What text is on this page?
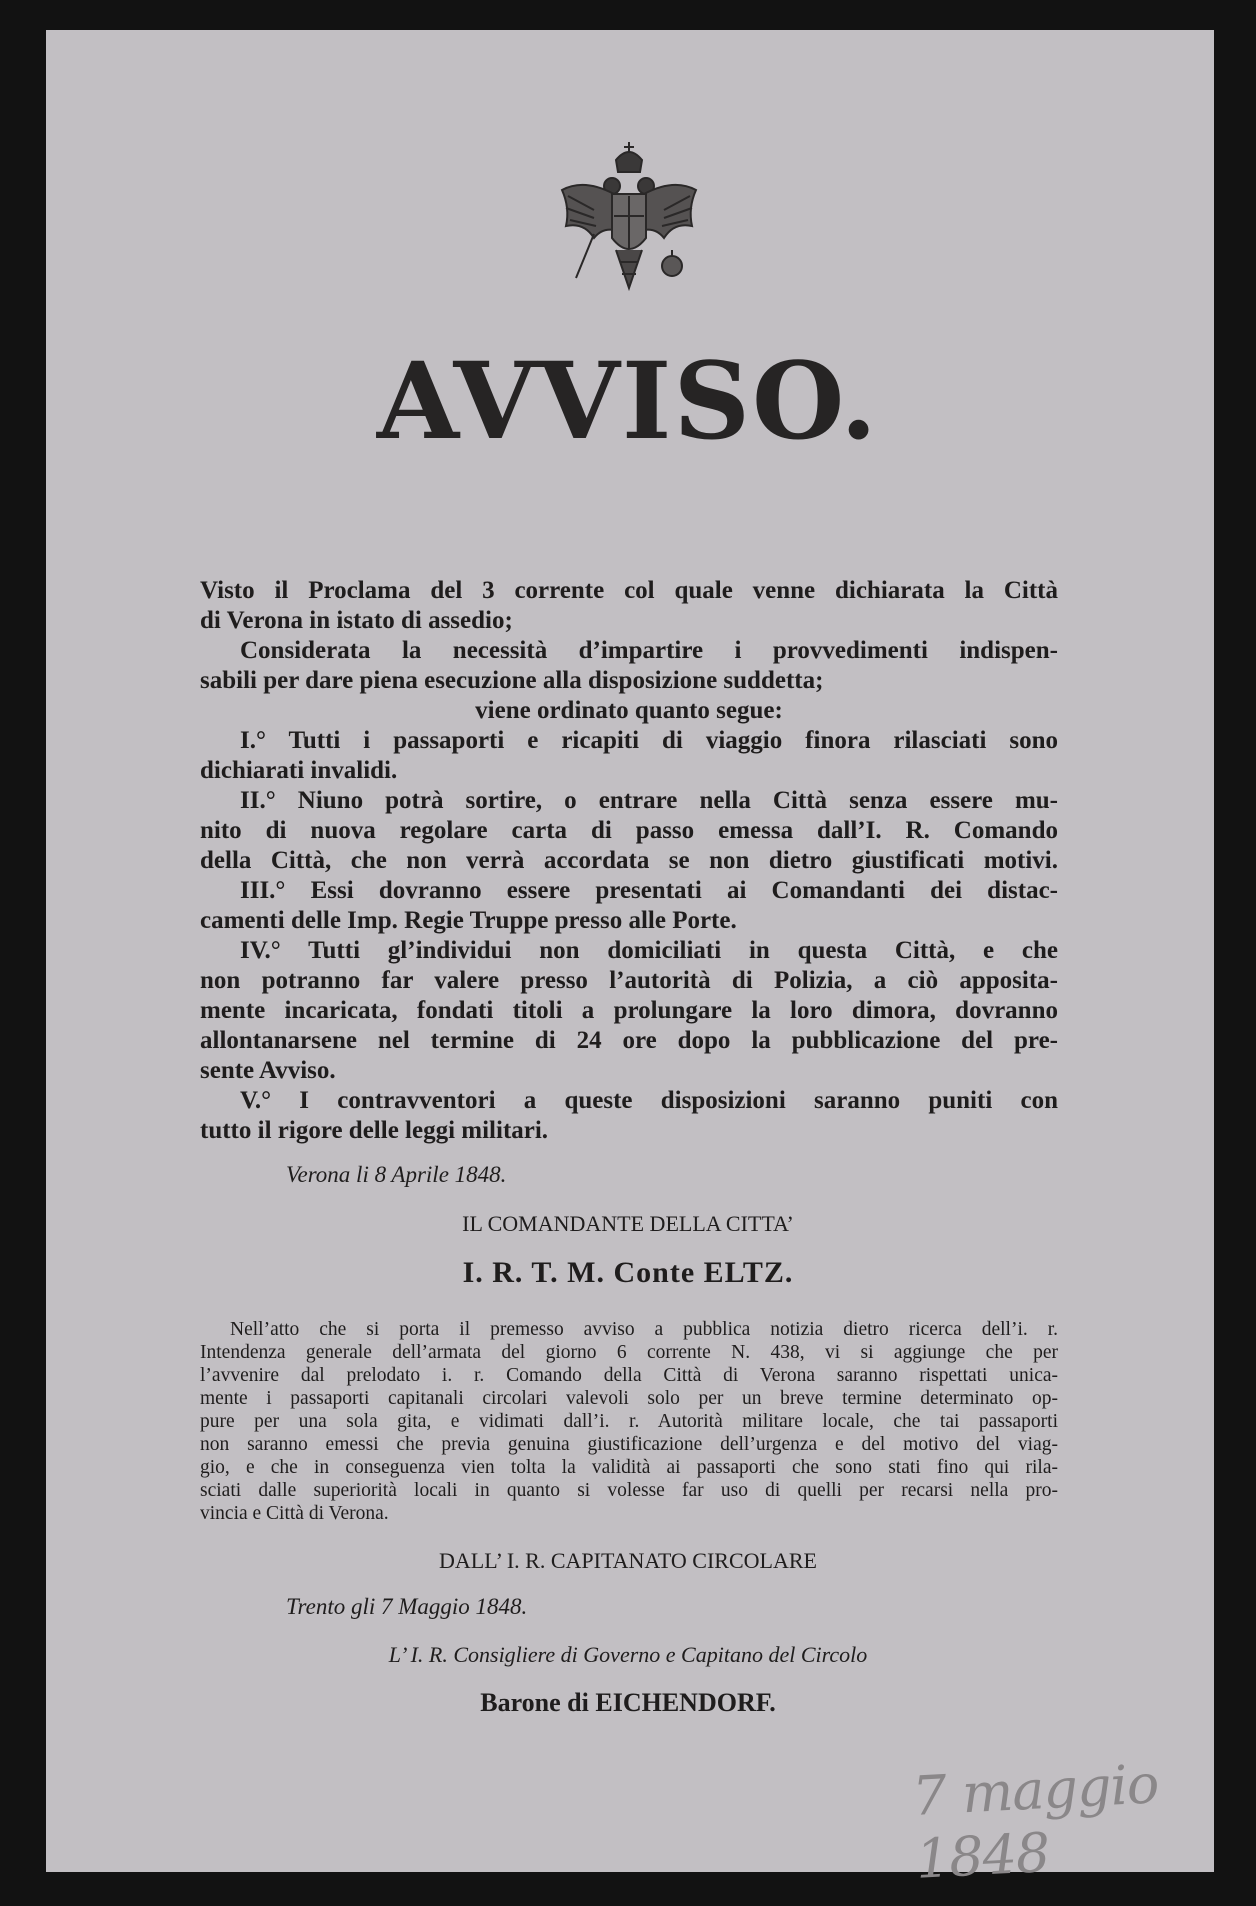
AVVISO.

Visto il Proclama del 3 corrente col quale venne dichiarata la Città

di Verona in istato di assedio;

Considerata la necessità d’impartire i provvedimenti indispen-

sabili per dare piena esecuzione alla disposizione suddetta;

viene ordinato quanto segue:

I.° Tutti i passaporti e ricapiti di viaggio finora rilasciati sono

dichiarati invalidi.

II.° Niuno potrà sortire, o entrare nella Città senza essere mu-

nito di nuova regolare carta di passo emessa dall’I. R. Comando

della Città, che non verrà accordata se non dietro giustificati motivi.

III.° Essi dovranno essere presentati ai Comandanti dei distac-

camenti delle Imp. Regie Truppe presso alle Porte.

IV.° Tutti gl’individui non domiciliati in questa Città, e che

non potranno far valere presso l’autorità di Polizia, a ciò apposita-

mente incaricata, fondati titoli a prolungare la loro dimora, dovranno

allontanarsene nel termine di 24 ore dopo la pubblicazione del pre-

sente Avviso.

V.° I contravventori a queste disposizioni saranno puniti con

tutto il rigore delle leggi militari.

Verona li 8 Aprile 1848.

IL COMANDANTE DELLA CITTA’

I. R. T. M. Conte ELTZ.

Nell’atto che si porta il premesso avviso a pubblica notizia dietro ricerca dell’i. r.

Intendenza generale dell’armata del giorno 6 corrente N. 438, vi si aggiunge che per

l’avvenire dal prelodato i. r. Comando della Città di Verona saranno rispettati unica-

mente i passaporti capitanali circolari valevoli solo per un breve termine determinato op-

pure per una sola gita, e vidimati dall’i. r. Autorità militare locale, che tai passaporti

non saranno emessi che previa genuina giustificazione dell’urgenza e del motivo del viag-

gio, e che in conseguenza vien tolta la validità ai passaporti che sono stati fino qui rila-

sciati dalle superiorità locali in quanto si volesse far uso di quelli per recarsi nella pro-

vincia e Città di Verona.

DALL’ I. R. CAPITANATO CIRCOLARE

Trento gli 7 Maggio 1848.

L’ I. R. Consigliere di Governo e Capitano del Circolo

Barone di EICHENDORF.

7 maggio 1848
